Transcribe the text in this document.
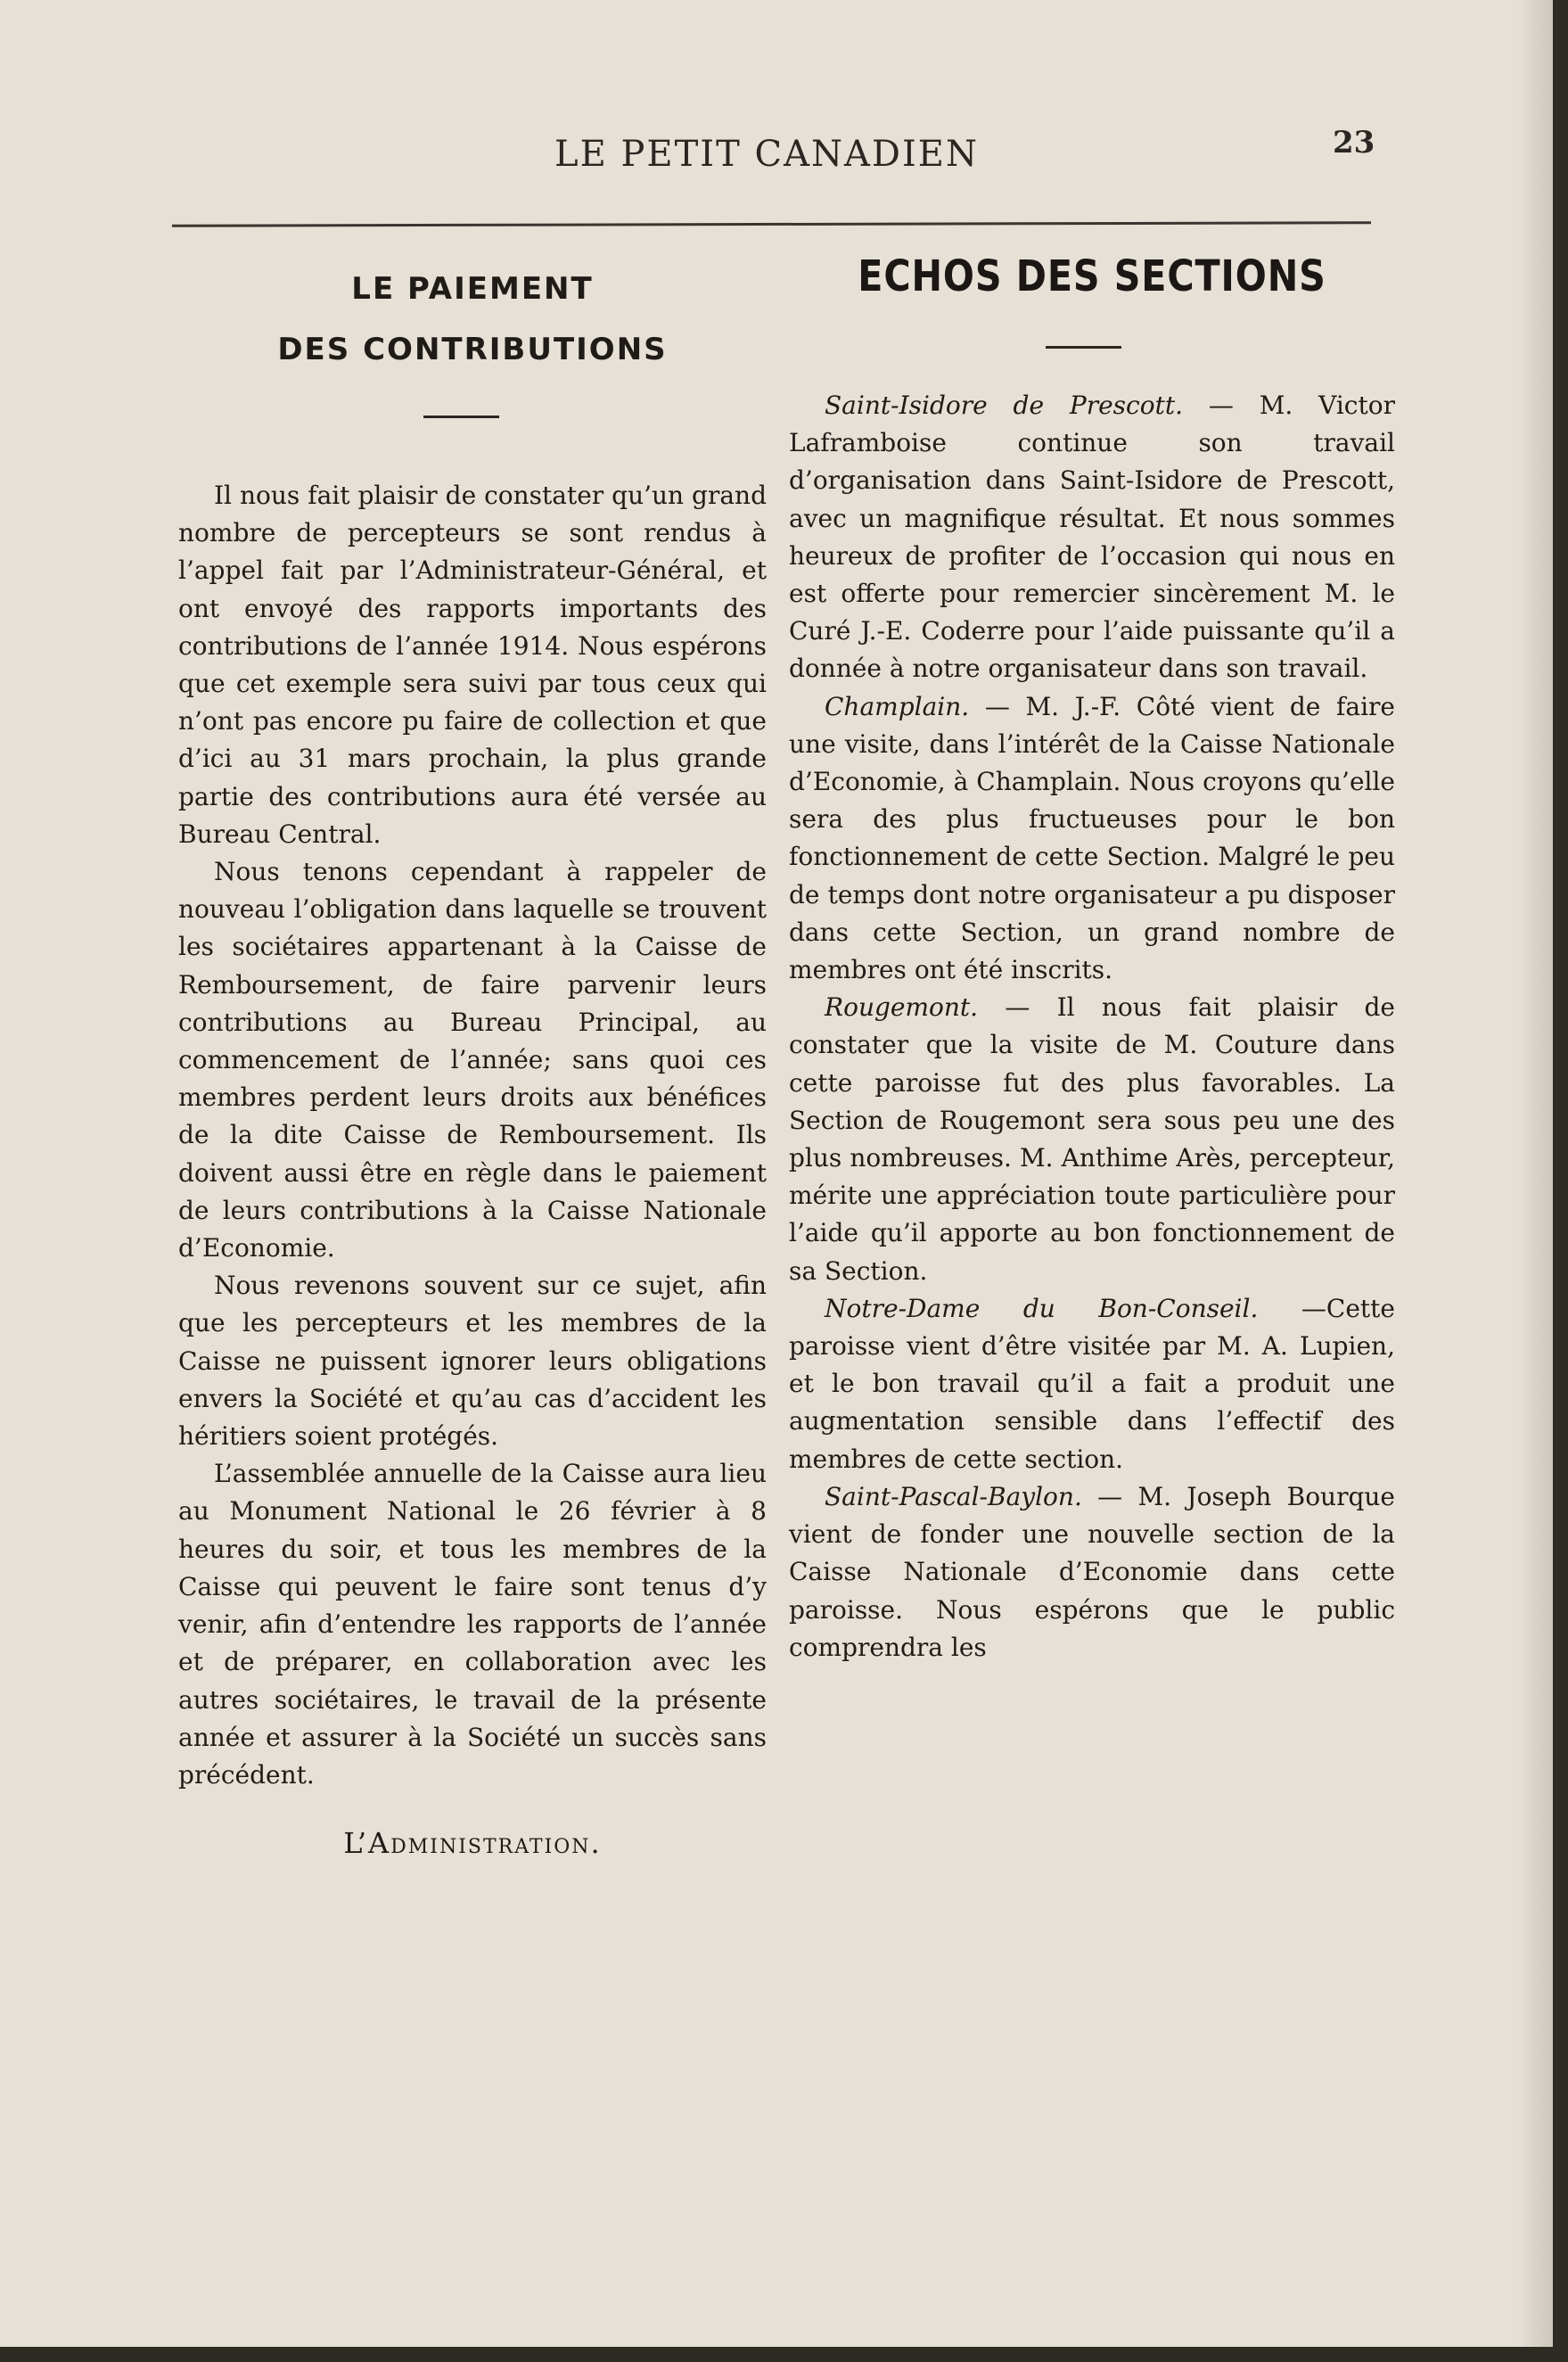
LE PETIT CANADIEN	23
LE PAIEMENT
DES CONTRIBUTIONS

Il nous fait plaisir de constater qu’un grand nombre de percepteurs se sont rendus à l’appel fait par l’Administrateur-Général, et ont envoyé des rapports importants des contributions de l’année 1914. Nous espérons que cet exemple sera suivi par tous ceux qui n’ont pas encore pu faire de collection et que d’ici au 31 mars prochain, la plus grande partie des contributions aura été versée au Bureau Central.

Nous tenons cependant à rappeler de nouveau l’obligation dans laquelle se trouvent les sociétaires appartenant à la Caisse de Remboursement, de faire parvenir leurs contributions au Bureau Principal, au commencement de l’année; sans quoi ces membres perdent leurs droits aux bénéfices de la dite Caisse de Remboursement. Ils doivent aussi être en règle dans le paiement de leurs contributions à la Caisse Nationale d’Economie.

Nous revenons souvent sur ce sujet, afin que les percepteurs et les membres de la Caisse ne puissent ignorer leurs obligations envers la Société et qu’au cas d’accident les héritiers soient protégés.

L’assemblée annuelle de la Caisse aura lieu au Monument National le 26 février à 8 heures du soir, et tous les membres de la Caisse qui peuvent le faire sont tenus d’y venir, afin d’entendre les rapports de l’année et de préparer, en collaboration avec les autres sociétaires, le travail de la présente année et assurer à la Société un succès sans précédent.

L’Administration.
ECHOS DES SECTIONS

Saint-Isidore de Prescott. — M. Victor Laframboise continue son travail d’organisation dans Saint-Isidore de Prescott, avec un magnifique résultat. Et nous sommes heureux de profiter de l’occasion qui nous en est offerte pour remercier sincèrement M. le Curé J.-E. Coderre pour l’aide puissante qu’il a donnée à notre organisateur dans son travail.

Champlain. — M. J.-F. Côté vient de faire une visite, dans l’intérêt de la Caisse Nationale d’Economie, à Champlain. Nous croyons qu’elle sera des plus fructueuses pour le bon fonctionnement de cette Section. Malgré le peu de temps dont notre organisateur a pu disposer dans cette Section, un grand nombre de membres ont été inscrits.

Rougemont. — Il nous fait plaisir de constater que la visite de M. Couture dans cette paroisse fut des plus favorables. La Section de Rougemont sera sous peu une des plus nombreuses. M. Anthime Arès, percepteur, mérite une appréciation toute particulière pour l’aide qu’il apporte au bon fonctionnement de sa Section.

Notre-Dame du Bon-Conseil. —Cette paroisse vient d’être visitée par M. A. Lupien, et le bon travail qu’il a fait a produit une augmentation sensible dans l’effectif des membres de cette section.

Saint-Pascal-Baylon. — M. Joseph Bourque vient de fonder une nouvelle section de la Caisse Nationale d’Economie dans cette paroisse. Nous espérons que le public comprendra les
